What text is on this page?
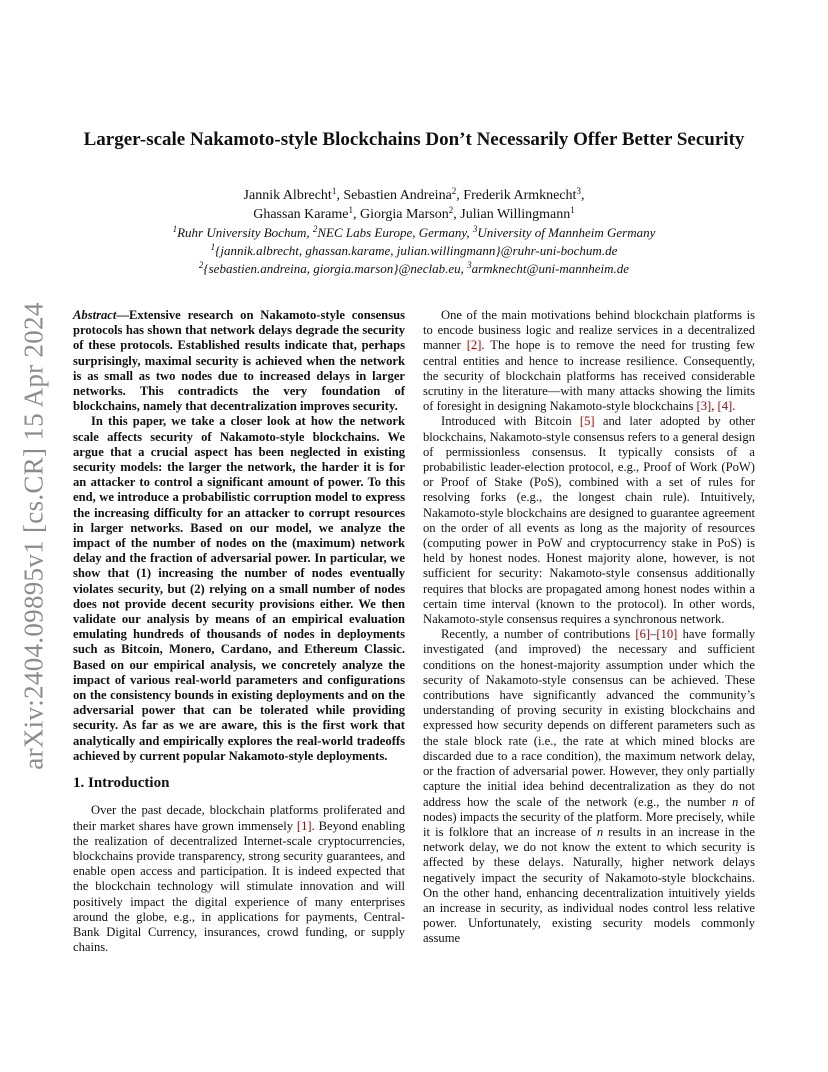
arXiv:2404.09895v1 [cs.CR] 15 Apr 2024
Larger-scale Nakamoto-style Blockchains Don’t Necessarily Offer Better Security
Jannik Albrecht$^1$, Sebastien Andreina$^2$, Frederik Armknecht$^3$,
Ghassan Karame$^1$, Giorgia Marson$^2$, Julian Willingmann$^1$
$^1$Ruhr University Bochum, $^2$NEC Labs Europe, Germany, $^3$University of Mannheim Germany
$^1${jannik.albrecht, ghassan.karame, julian.willingmann}@ruhr-uni-bochum.de
$^2${sebastien.andreina, giorgia.marson}@neclab.eu, $^3$armknecht@uni-mannheim.de

Abstract—Extensive research on Nakamoto-style consensus protocols has shown that network delays degrade the security of these protocols. Established results indicate that, perhaps surprisingly, maximal security is achieved when the network is as small as two nodes due to increased delays in larger networks. This contradicts the very foundation of blockchains, namely that decentralization improves security.

In this paper, we take a closer look at how the network scale affects security of Nakamoto-style blockchains. We argue that a crucial aspect has been neglected in existing security models: the larger the network, the harder it is for an attacker to control a significant amount of power. To this end, we introduce a probabilistic corruption model to express the increasing difficulty for an attacker to corrupt resources in larger networks. Based on our model, we analyze the impact of the number of nodes on the (maximum) network delay and the fraction of adversarial power. In particular, we show that (1) increasing the number of nodes eventually violates security, but (2) relying on a small number of nodes does not provide decent security provisions either. We then validate our analysis by means of an empirical evaluation emulating hundreds of thousands of nodes in deployments such as Bitcoin, Monero, Cardano, and Ethereum Classic. Based on our empirical analysis, we concretely analyze the impact of various real-world parameters and configurations on the consistency bounds in existing deployments and on the adversarial power that can be tolerated while providing security. As far as we are aware, this is the first work that analytically and empirically explores the real-world tradeoffs achieved by current popular Nakamoto-style deployments.

1. Introduction

Over the past decade, blockchain platforms proliferated and their market shares have grown immensely [1]. Beyond enabling the realization of decentralized Internet-scale cryptocurrencies, blockchains provide transparency, strong security guarantees, and enable open access and participation. It is indeed expected that the blockchain technology will stimulate innovation and will positively impact the digital experience of many enterprises around the globe, e.g., in applications for payments, Central-Bank Digital Currency, insurances, crowd funding, or supply chains.

One of the main motivations behind blockchain platforms is to encode business logic and realize services in a decentralized manner [2]. The hope is to remove the need for trusting few central entities and hence to increase resilience. Consequently, the security of blockchain platforms has received considerable scrutiny in the literature—with many attacks showing the limits of foresight in designing Nakamoto-style blockchains [3], [4].

Introduced with Bitcoin [5] and later adopted by other blockchains, Nakamoto-style consensus refers to a general design of permissionless consensus. It typically consists of a probabilistic leader-election protocol, e.g., Proof of Work (PoW) or Proof of Stake (PoS), combined with a set of rules for resolving forks (e.g., the longest chain rule). Intuitively, Nakamoto-style blockchains are designed to guarantee agreement on the order of all events as long as the majority of resources (computing power in PoW and cryptocurrency stake in PoS) is held by honest nodes. Honest majority alone, however, is not sufficient for security: Nakamoto-style consensus additionally requires that blocks are propagated among honest nodes within a certain time interval (known to the protocol). In other words, Nakamoto-style consensus requires a synchronous network.

Recently, a number of contributions [6]–[10] have formally investigated (and improved) the necessary and sufficient conditions on the honest-majority assumption under which the security of Nakamoto-style consensus can be achieved. These contributions have significantly advanced the community’s understanding of proving security in existing blockchains and expressed how security depends on different parameters such as the stale block rate (i.e., the rate at which mined blocks are discarded due to a race condition), the maximum network delay, or the fraction of adversarial power. However, they only partially capture the initial idea behind decentralization as they do not address how the scale of the network (e.g., the number n of nodes) impacts the security of the platform. More precisely, while it is folklore that an increase of n results in an increase in the network delay, we do not know the extent to which security is affected by these delays. Naturally, higher network delays negatively impact the security of Nakamoto-style blockchains. On the other hand, enhancing decentralization intuitively yields an increase in security, as individual nodes control less relative power. Unfortunately, existing security models commonly assume
